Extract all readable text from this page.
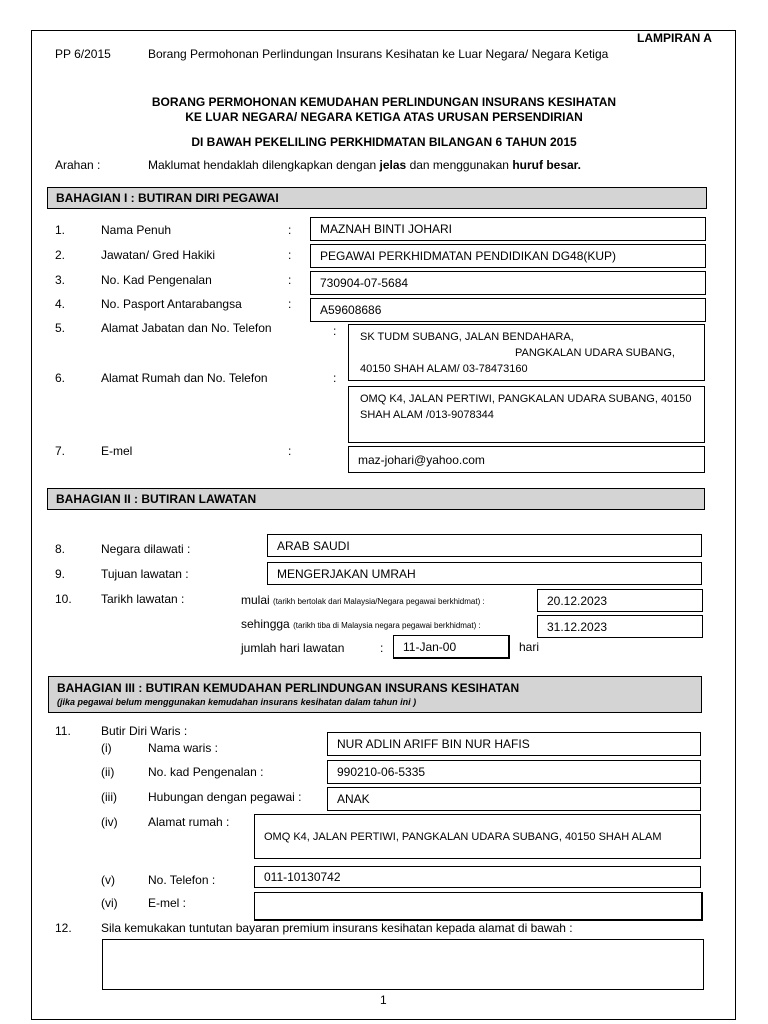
LAMPIRAN A
PP 6/2015	Borang Permohonan Perlindungan Insurans Kesihatan ke Luar Negara/ Negara Ketiga
BORANG PERMOHONAN KEMUDAHAN PERLINDUNGAN INSURANS KESIHATAN
KE LUAR NEGARA/ NEGARA KETIGA ATAS URUSAN PERSENDIRIAN
DI BAWAH PEKELILING PERKHIDMATAN BILANGAN 6 TAHUN 2015
Arahan :	Maklumat hendaklah dilengkapkan dengan jelas dan menggunakan huruf besar.
BAHAGIAN I : BUTIRAN DIRI PEGAWAI
1.	Nama Penuh	: MAZNAH BINTI JOHARI
2.	Jawatan/ Gred Hakiki	: PEGAWAI PERKHIDMATAN PENDIDIKAN DG48(KUP)
3.	No. Kad Pengenalan	: 730904-07-5684
4.	No. Pasport Antarabangsa	: A59608686
5.	Alamat Jabatan dan No. Telefon	: SK TUDM SUBANG, JALAN BENDAHARA,
PANGKALAN UDARA SUBANG,
40150 SHAH ALAM/ 03-78473160
6.	Alamat Rumah dan No. Telefon	:
OMQ K4, JALAN PERTIWI, PANGKALAN UDARA SUBANG, 40150
SHAH ALAM /013-9078344
7.	E-mel	:
maz-johari@yahoo.com
BAHAGIAN II : BUTIRAN LAWATAN
8.	Negara dilawati :	ARAB SAUDI
9.	Tujuan lawatan :	MENGERJAKAN UMRAH
10. Tarikh lawatan :	mulai (tarikh bertolak dari Malaysia/Negara pegawai berkhidmat) :	20.12.2023
sehingga (tarikh tiba di Malaysia negara pegawai berkhidmat) :	31.12.2023
jumlah hari lawatan	: 11-Jan-00	hari
BAHAGIAN III : BUTIRAN KEMUDAHAN PERLINDUNGAN INSURANS KESIHATAN
(jika pegawai belum menggunakan kemudahan insurans kesihatan dalam tahun ini )
11.	Butir Diri Waris :
(i)	Nama waris :	NUR ADLIN ARIFF BIN NUR HAFIS
(ii)	No. kad Pengenalan :	990210-06-5335
(iii)	Hubungan dengan pegawai :	ANAK
(iv)	Alamat rumah :
OMQ K4, JALAN PERTIWI, PANGKALAN UDARA SUBANG, 40150 SHAH ALAM
(v)	No. Telefon :	011-10130742
(vi)	E-mel :
12. Sila kemukakan tuntutan bayaran premium insurans kesihatan kepada alamat di bawah :
1
